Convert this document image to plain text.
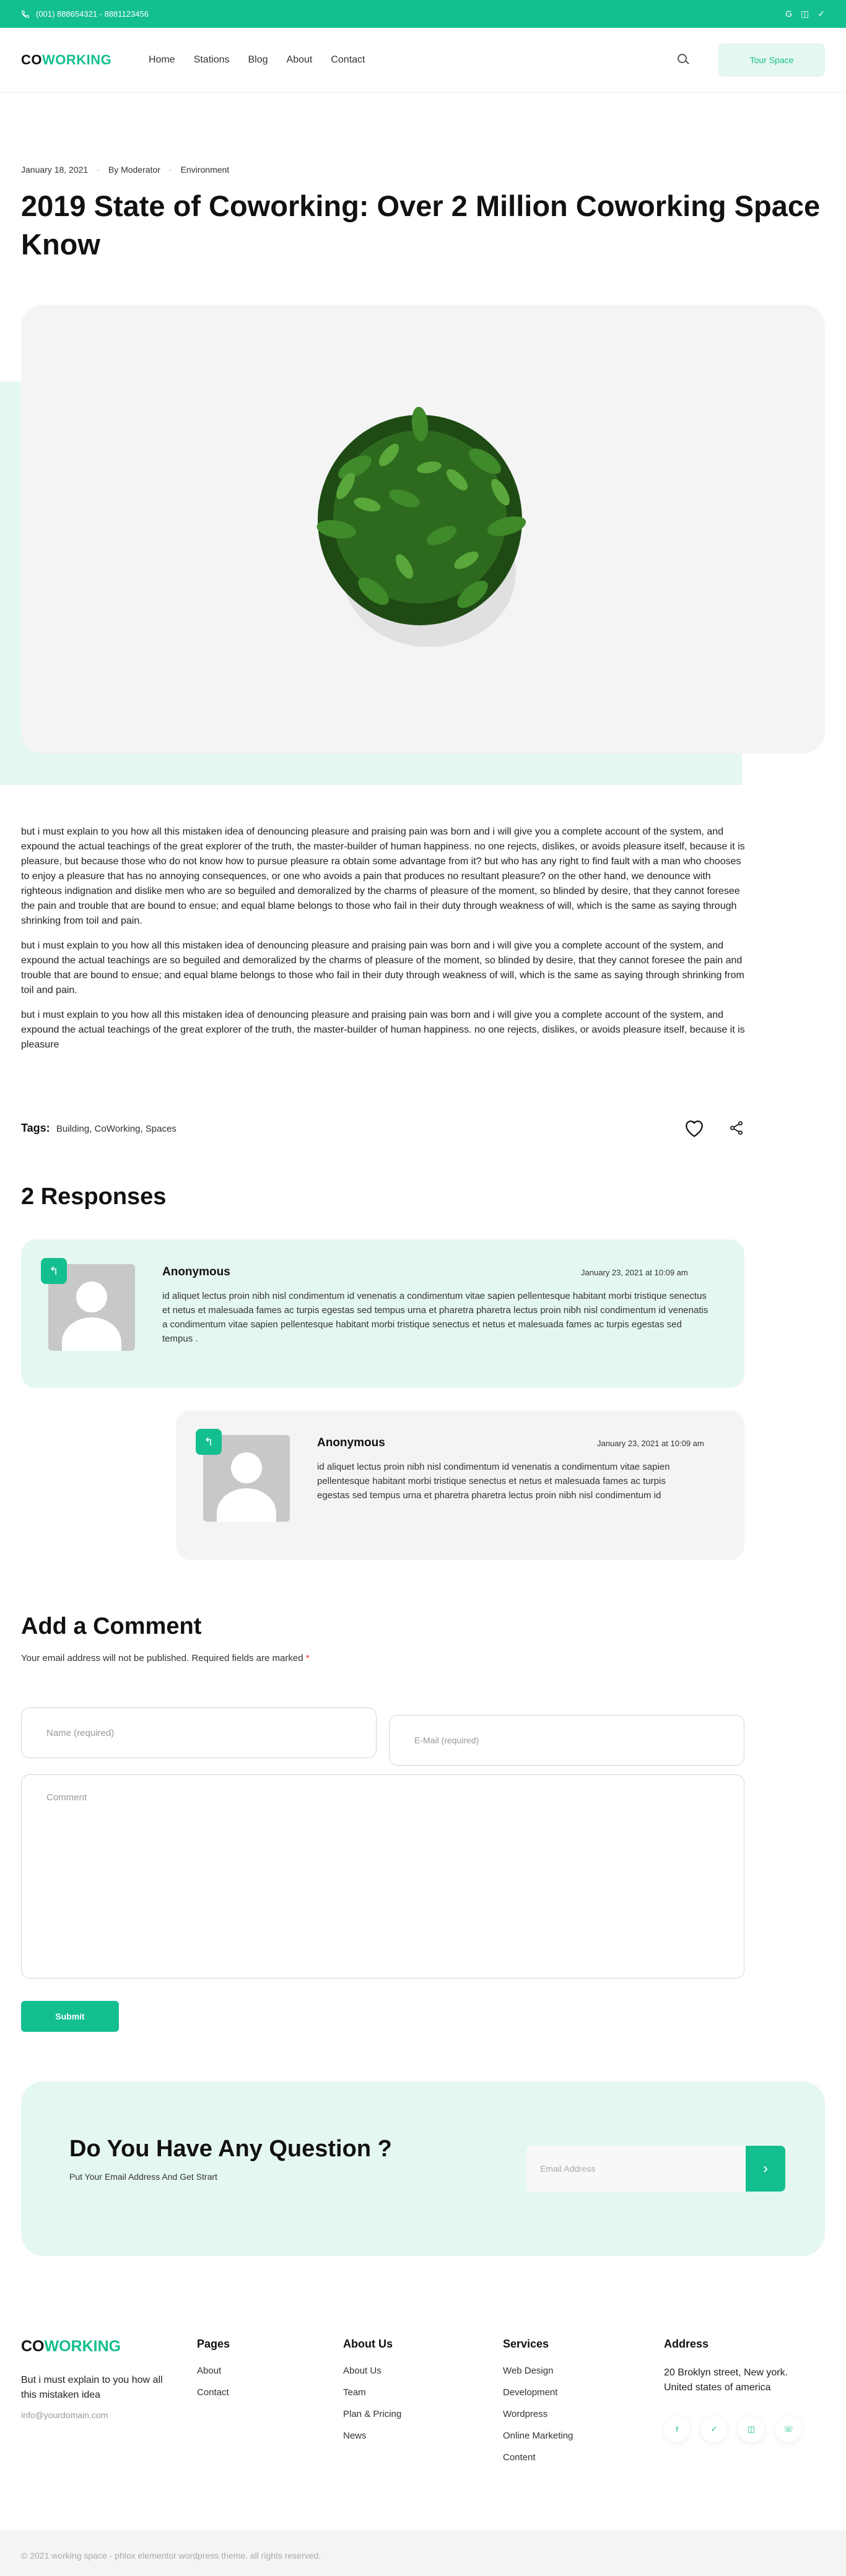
(001) 888654321 - 8881123456	G ◫ ✓
COWORKING	Home Stations Blog About Contact	Tour Space
January 18, 2021 · By Moderator · Environment
2019 State of Coworking: Over 2 Million Coworking Space Know

but i must explain to you how all this mistaken idea of denouncing pleasure and praising pain was born and i will give you a complete account of the system, and expound the actual teachings of the great explorer of the truth, the master-builder of human happiness. no one rejects, dislikes, or avoids pleasure itself, because it is pleasure, but because those who do not know how to pursue pleasure ra obtain some advantage from it? but who has any right to find fault with a man who chooses to enjoy a pleasure that has no annoying consequences, or one who avoids a pain that produces no resultant pleasure? on the other hand, we denounce with righteous indignation and dislike men who are so beguiled and demoralized by the charms of pleasure of the moment, so blinded by desire, that they cannot foresee the pain and trouble that are bound to ensue; and equal blame belongs to those who fail in their duty through weakness of will, which is the same as saying through shrinking from toil and pain.

but i must explain to you how all this mistaken idea of denouncing pleasure and praising pain was born and i will give you a complete account of the system, and expound the actual teachings are so beguiled and demoralized by the charms of pleasure of the moment, so blinded by desire, that they cannot foresee the pain and trouble that are bound to ensue; and equal blame belongs to those who fail in their duty through weakness of will, which is the same as saying through shrinking from toil and pain.

but i must explain to you how all this mistaken idea of denouncing pleasure and praising pain was born and i will give you a complete account of the system, and expound the actual teachings of the great explorer of the truth, the master-builder of human happiness. no one rejects, dislikes, or avoids pleasure itself, because it is pleasure

Tags: Building, CoWorking, Spaces
2 Responses
↰	Anonymous	January 23, 2021 at 10:09 am
id aliquet lectus proin nibh nisl condimentum id venenatis a condimentum vitae sapien pellentesque habitant morbi tristique senectus et netus et malesuada fames ac turpis egestas sed tempus urna et pharetra pharetra lectus proin nibh nisl condimentum id venenatis a condimentum vitae sapien pellentesque habitant morbi tristique senectus et netus et malesuada fames ac turpis egestas sed tempus .
↰	Anonymous	January 23, 2021 at 10:09 am
id aliquet lectus proin nibh nisl condimentum id venenatis a condimentum vitae sapien pellentesque habitant morbi tristique senectus et netus et malesuada fames ac turpis egestas sed tempus urna et pharetra pharetra lectus proin nibh nisl condimentum id
Add a Comment
Your email address will not be published. Required fields are marked *
Name (required)
E-Mail (required)
Comment
Submit
Do You Have Any Question ?
Put Your Email Address And Get Strart
Email Address	›
COWORKING
But i must explain to you how all this mistaken idea
info@yourdomain.com
Pages
About
Contact
About Us
About Us
Team
Plan & Pricing
News
Services
Web Design
Development
Wordpress
Online Marketing
Content
Address
20 Broklyn street, New york. United states of america
f	✓	◫	☏
© 2021 working space - phlox elementor wordpress theme. all rights reserved.
